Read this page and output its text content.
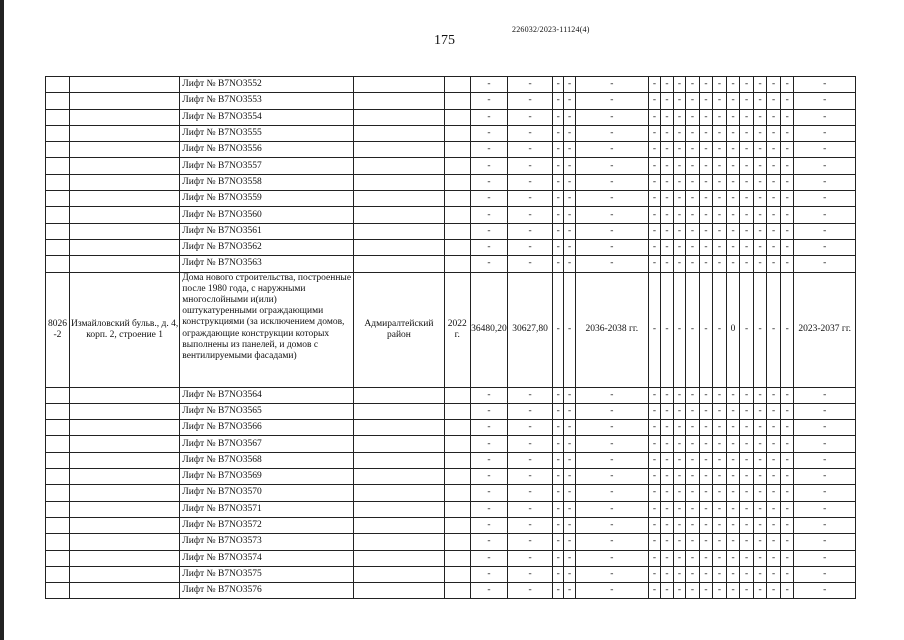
175
226032/2023-11124(4)
		Лифт № В7NO3552			-	-	-	-	-	-	-	-	-	-	-	-	-	-	-	-	-
		Лифт № В7NO3553			-	-	-	-	-	-	-	-	-	-	-	-	-	-	-	-	-
		Лифт № В7NO3554			-	-	-	-	-	-	-	-	-	-	-	-	-	-	-	-	-
		Лифт № В7NO3555			-	-	-	-	-	-	-	-	-	-	-	-	-	-	-	-	-
		Лифт № В7NO3556			-	-	-	-	-	-	-	-	-	-	-	-	-	-	-	-	-
		Лифт № В7NO3557			-	-	-	-	-	-	-	-	-	-	-	-	-	-	-	-	-
		Лифт № В7NO3558			-	-	-	-	-	-	-	-	-	-	-	-	-	-	-	-	-
		Лифт № В7NO3559			-	-	-	-	-	-	-	-	-	-	-	-	-	-	-	-	-
		Лифт № В7NO3560			-	-	-	-	-	-	-	-	-	-	-	-	-	-	-	-	-
		Лифт № В7NO3561			-	-	-	-	-	-	-	-	-	-	-	-	-	-	-	-	-
		Лифт № В7NO3562			-	-	-	-	-	-	-	-	-	-	-	-	-	-	-	-	-
		Лифт № В7NO3563			-	-	-	-	-	-	-	-	-	-	-	-	-	-	-	-	-
8026 -2	Измайловский бульв., д. 4, корп. 2, строение 1	Дома нового строительства, построенные после 1980 года, с наружными многослойными и(или) оштукатуренными ограждающими конструкциями (за исключением домов, ограждающие конструкции которых выполнены из панелей, и домов с вентилируемыми фасадами)	Адмиралтейский район	2022 г.	36480,20	30627,80	-	-	2036-2038 гг.	-	-	-	-	-	-	0	-	-	-	-	2023-2037 гг.
		Лифт № В7NO3564			-	-	-	-	-	-	-	-	-	-	-	-	-	-	-	-	-
		Лифт № В7NO3565			-	-	-	-	-	-	-	-	-	-	-	-	-	-	-	-	-
		Лифт № В7NO3566			-	-	-	-	-	-	-	-	-	-	-	-	-	-	-	-	-
		Лифт № В7NO3567			-	-	-	-	-	-	-	-	-	-	-	-	-	-	-	-	-
		Лифт № В7NO3568			-	-	-	-	-	-	-	-	-	-	-	-	-	-	-	-	-
		Лифт № В7NO3569			-	-	-	-	-	-	-	-	-	-	-	-	-	-	-	-	-
		Лифт № В7NO3570			-	-	-	-	-	-	-	-	-	-	-	-	-	-	-	-	-
		Лифт № В7NO3571			-	-	-	-	-	-	-	-	-	-	-	-	-	-	-	-	-
		Лифт № В7NO3572			-	-	-	-	-	-	-	-	-	-	-	-	-	-	-	-	-
		Лифт № В7NO3573			-	-	-	-	-	-	-	-	-	-	-	-	-	-	-	-	-
		Лифт № В7NO3574			-	-	-	-	-	-	-	-	-	-	-	-	-	-	-	-	-
		Лифт № В7NO3575			-	-	-	-	-	-	-	-	-	-	-	-	-	-	-	-	-
		Лифт № В7NO3576			-	-	-	-	-	-	-	-	-	-	-	-	-	-	-	-	-
